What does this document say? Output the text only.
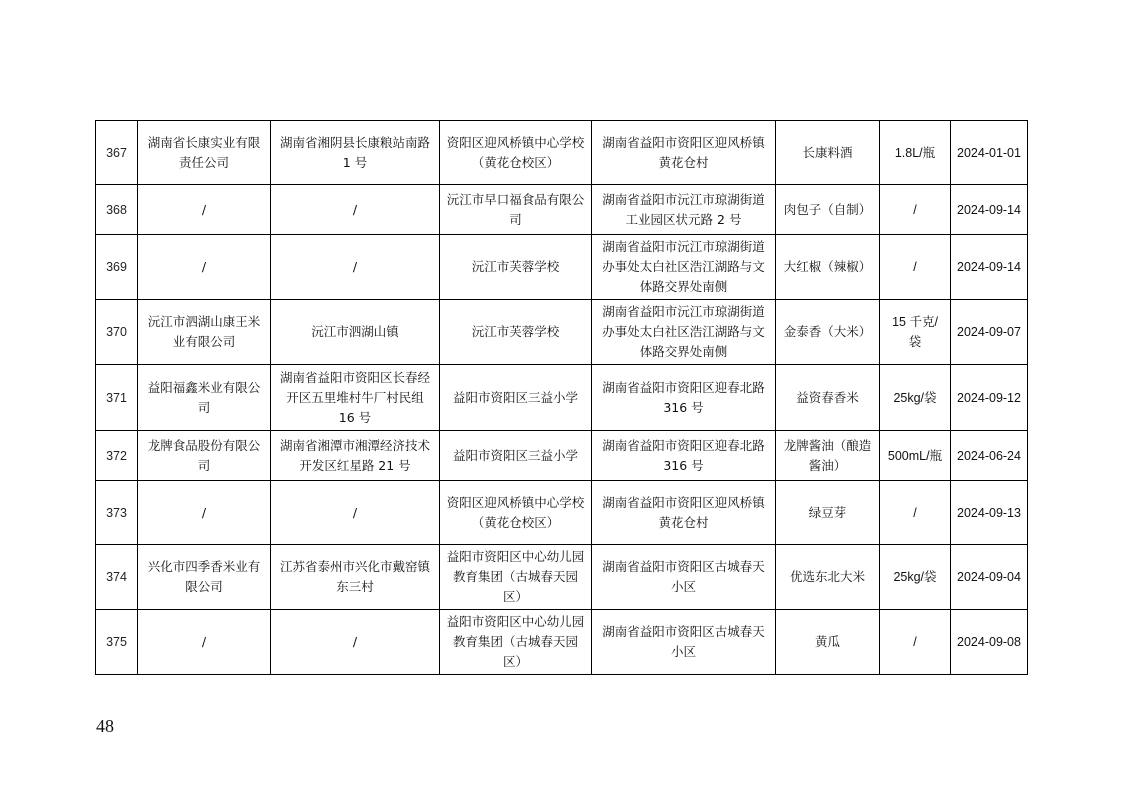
367	湖南省长康实业有限责任公司	湖南省湘阴县长康粮站南路 1 号	资阳区迎风桥镇中心学校（黄花仓校区）	湖南省益阳市资阳区迎风桥镇黄花仓村	长康料酒	1.8L/瓶	2024-01-01
368	/	/	沅江市早口福食品有限公司	湖南省益阳市沅江市琼湖街道工业园区状元路 2 号	肉包子（自制）	/	2024-09-14
369	/	/	沅江市芙蓉学校	湖南省益阳市沅江市琼湖街道办事处太白社区浩江湖路与文体路交界处南侧	大红椒（辣椒）	/	2024-09-14
370	沅江市泗湖山康王米业有限公司	沅江市泗湖山镇	沅江市芙蓉学校	湖南省益阳市沅江市琼湖街道办事处太白社区浩江湖路与文体路交界处南侧	金泰香（大米）	15 千克/袋	2024-09-07
371	益阳福鑫米业有限公司	湖南省益阳市资阳区长春经开区五里堆村牛厂村民组 16 号	益阳市资阳区三益小学	湖南省益阳市资阳区迎春北路 316 号	益资春香米	25kg/袋	2024-09-12
372	龙牌食品股份有限公司	湖南省湘潭市湘潭经济技术开发区红星路 21 号	益阳市资阳区三益小学	湖南省益阳市资阳区迎春北路 316 号	龙牌酱油（酿造酱油）	500mL/瓶	2024-06-24
373	/	/	资阳区迎风桥镇中心学校（黄花仓校区）	湖南省益阳市资阳区迎风桥镇黄花仓村	绿豆芽	/	2024-09-13
374	兴化市四季香米业有限公司	江苏省泰州市兴化市戴窑镇东三村	益阳市资阳区中心幼儿园教育集团（古城春天园区）	湖南省益阳市资阳区古城春天小区	优选东北大米	25kg/袋	2024-09-04
375	/	/	益阳市资阳区中心幼儿园教育集团（古城春天园区）	湖南省益阳市资阳区古城春天小区	黄瓜	/	2024-09-08
48
